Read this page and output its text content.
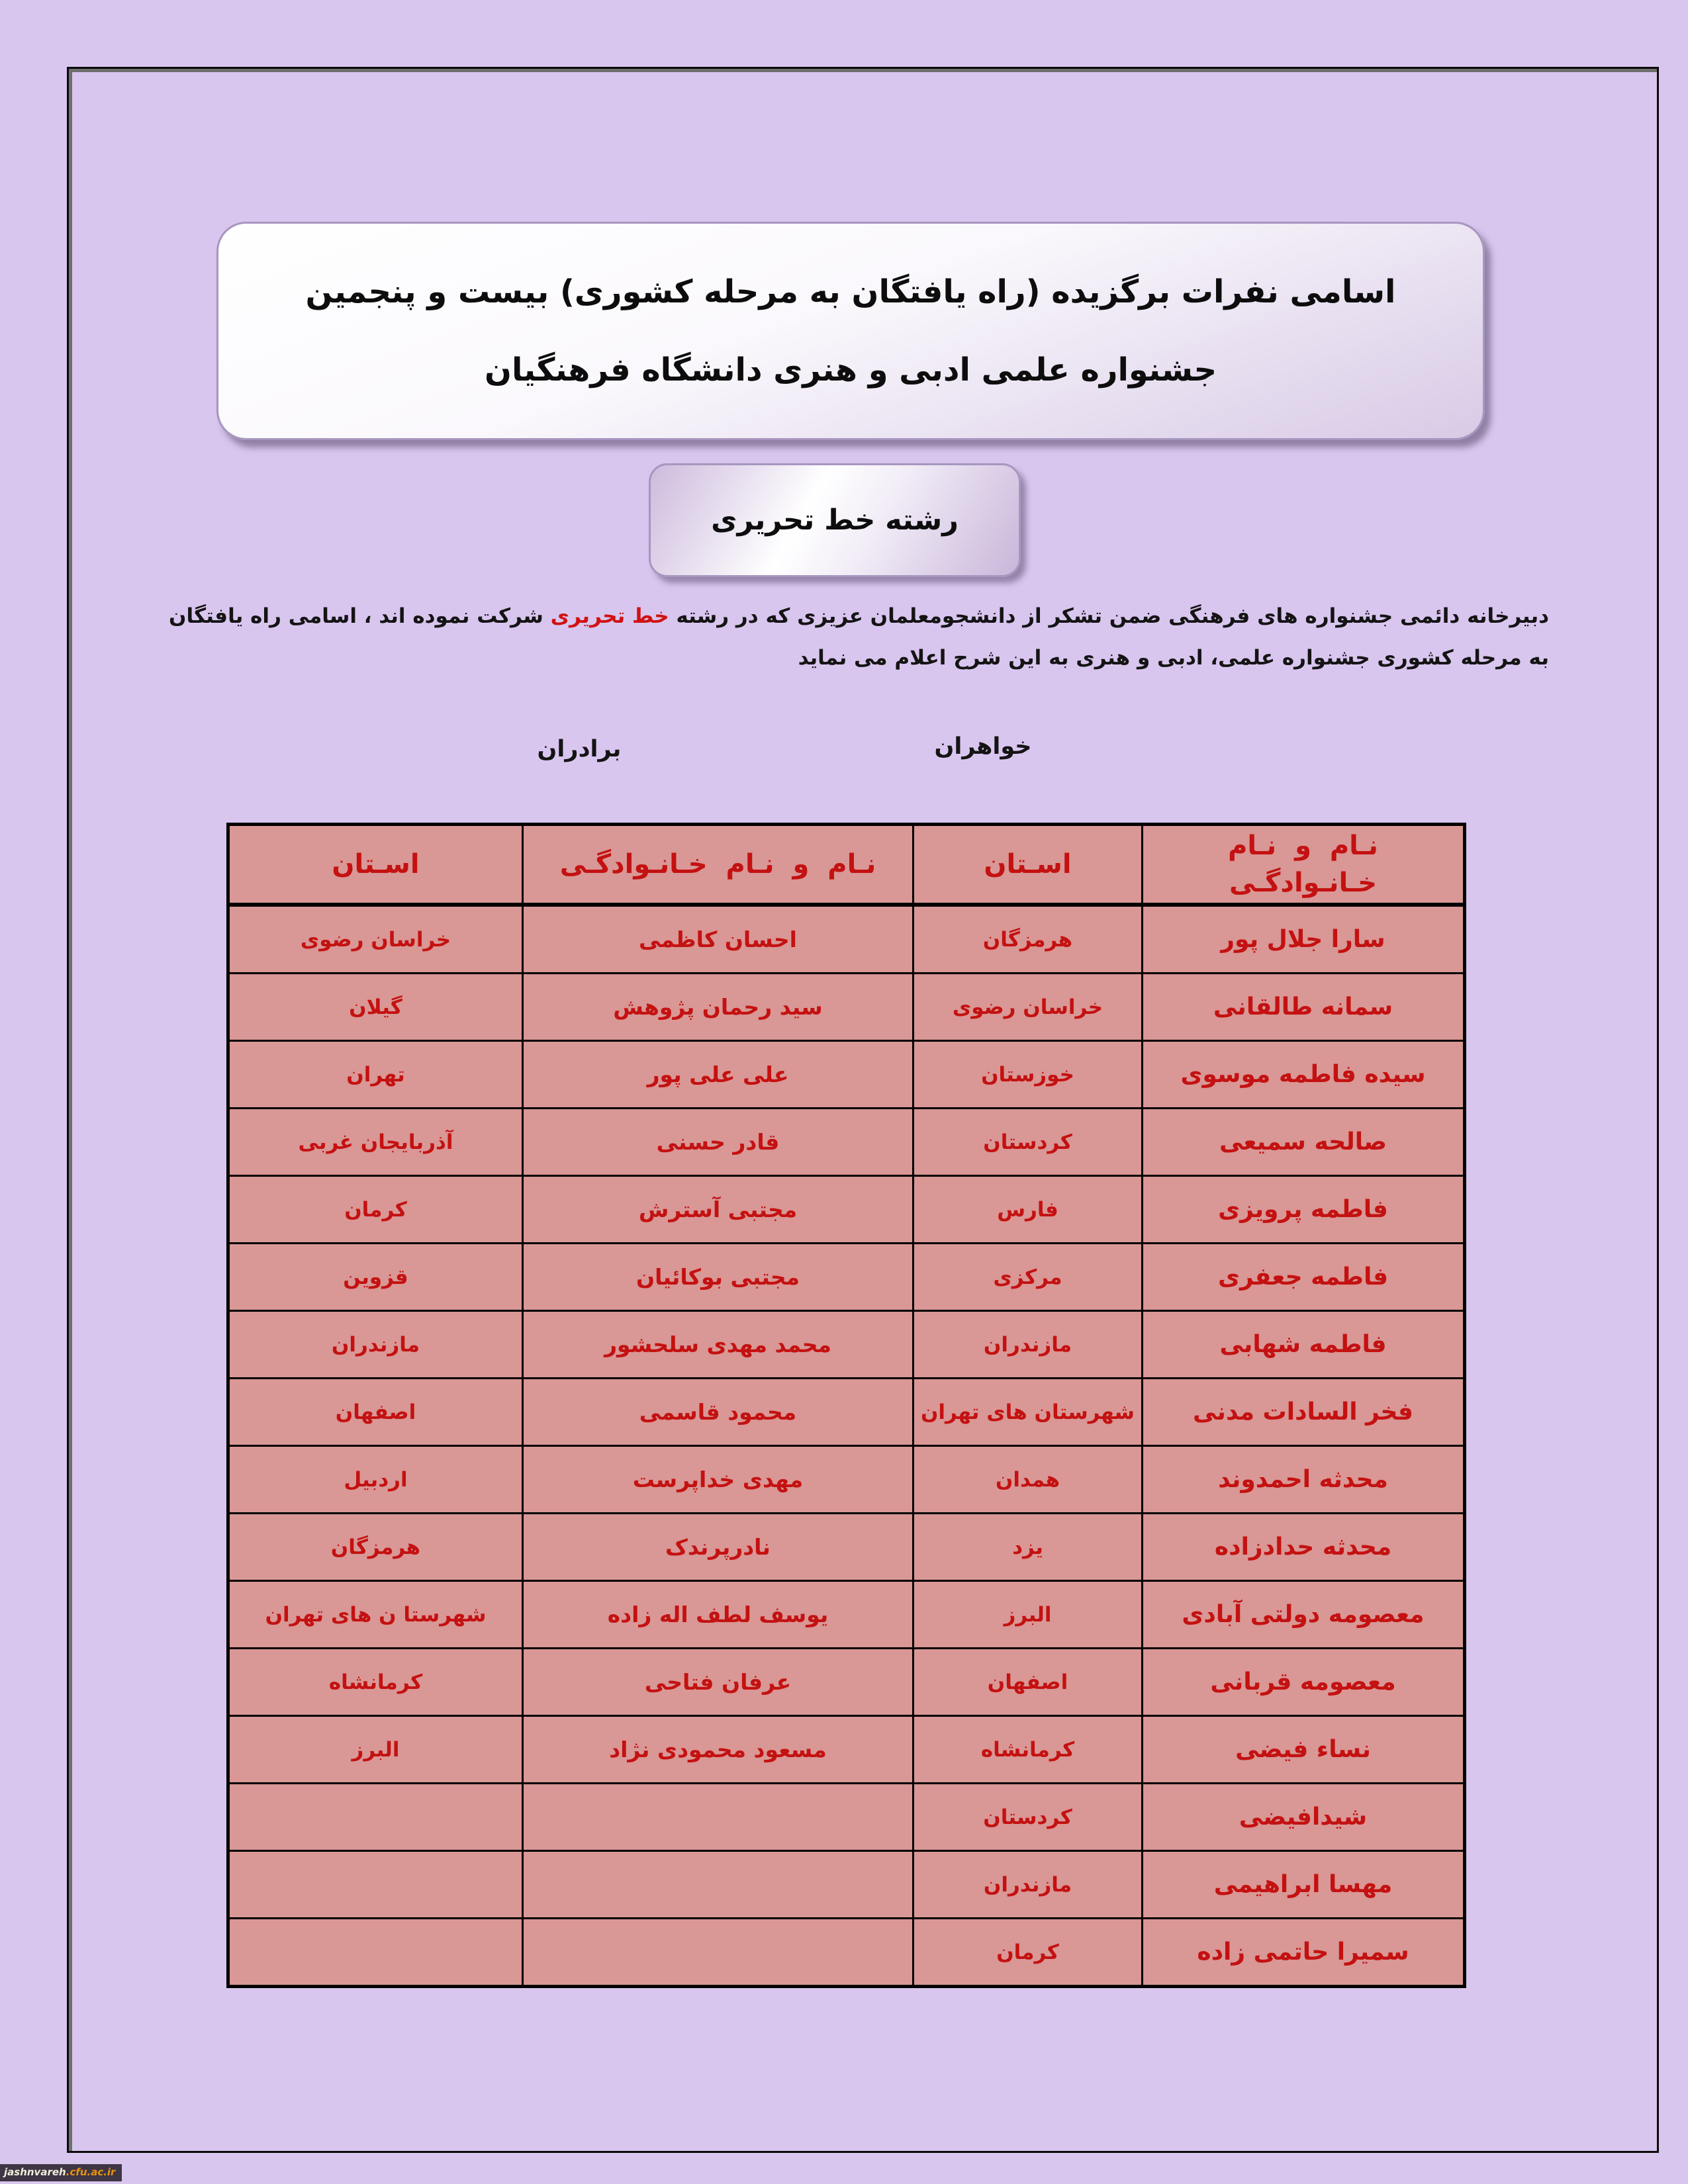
اسامی نفرات برگزیده (راه یافتگان به مرحله کشوری) بیست و پنجمین
جشنواره علمی ادبی و هنری دانشگاه فرهنگیان
رشته خط تحریری
دبیرخانه دائمی جشنواره های فرهنگی ضمن تشکر از دانشجومعلمان عزیزی که در رشته خط تحریری شرکت نموده اند ، اسامی راه یافتگان به مرحله کشوری جشنواره علمی، ادبی و هنری به این شرح اعلام می نماید
برادران	خواهران
نـام و نـام خـانـوادگـی	اسـتان	نـام و نـام خـانـوادگـی	اسـتان
سارا جلال پور	هرمزگان	احسان کاظمی	خراسان رضوی
سمانه طالقانی	خراسان رضوی	سید رحمان پژوهش	گیلان
سیده فاطمه موسوی	خوزستان	علی علی پور	تهران
صالحه سمیعی	کردستان	قادر حسنی	آذربایجان غربی
فاطمه پرویزی	فارس	مجتبی آسترش	کرمان
فاطمه جعفری	مرکزی	مجتبی بوکائیان	قزوین
فاطمه شهابی	مازندران	محمد مهدی سلحشور	مازندران
فخر السادات مدنی	شهرستان های تهران	محمود قاسمی	اصفهان
محدثه احمدوند	همدان	مهدی خداپرست	اردبیل
محدثه حدادزاده	یزد	نادرپرندک	هرمزگان
معصومه دولتی آبادی	البرز	یوسف لطف اله زاده	شهرستا ن های تهران
معصومه قربانی	اصفهان	عرفان فتاحی	کرمانشاه
نساء فیضی	کرمانشاه	مسعود محمودی نژاد	البرز
شیدافیضی	کردستان		
مهسا ابراهیمی	مازندران		
سمیرا حاتمی زاده	کرمان		
jashnvareh.cfu.ac.ir
